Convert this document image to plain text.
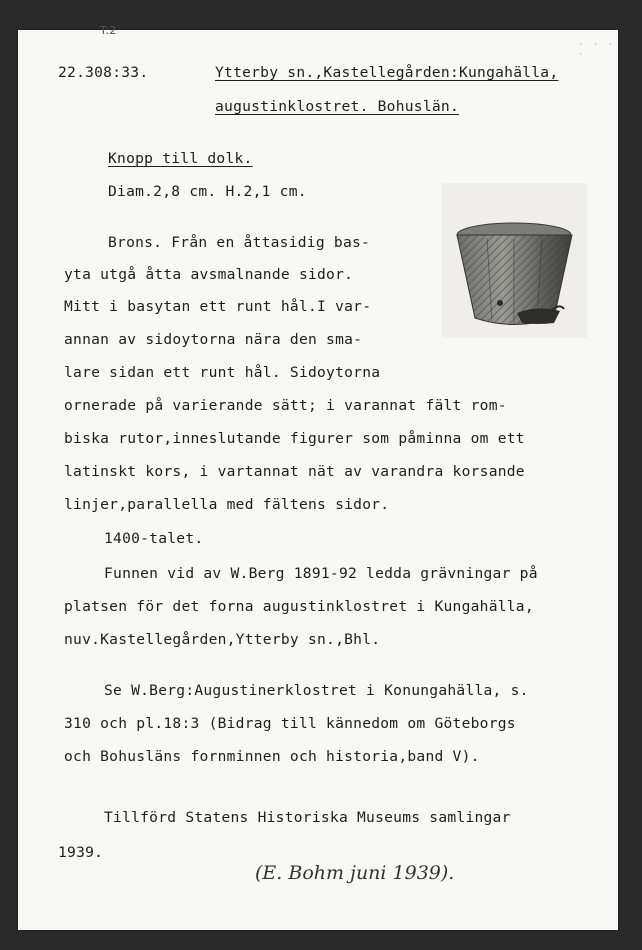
T:2
· · · ·
22.308:33.	Ytterby sn.,Kastellegården:Kungahälla,
augustinklostret. Bohuslän.
Knopp till dolk.
Diam.2,8 cm. H.2,1 cm.
Brons. Från en åttasidig bas-
yta utgå åtta avsmalnande sidor.
Mitt i basytan ett runt hål.I var-
annan av sidoytorna nära den sma-
lare sidan ett runt hål. Sidoytorna
ornerade på varierande sätt; i varannat fält rom-
biska rutor,inneslutande figurer som påminna om ett
latinskt kors, i vartannat nät av varandra korsande
linjer,parallella med fältens sidor.
1400-talet.
Funnen vid av W.Berg 1891-92 ledda grävningar på
platsen för det forna augustinklostret i Kungahälla,
nuv.Kastellegården,Ytterby sn.,Bhl.
Se W.Berg:Augustinerklostret i Konungahälla, s.
310 och pl.18:3 (Bidrag till kännedom om Göteborgs
och Bohusläns fornminnen och historia,band V).
Tillförd Statens Historiska Museums samlingar
1939.
(E. Bohm juni 1939).
